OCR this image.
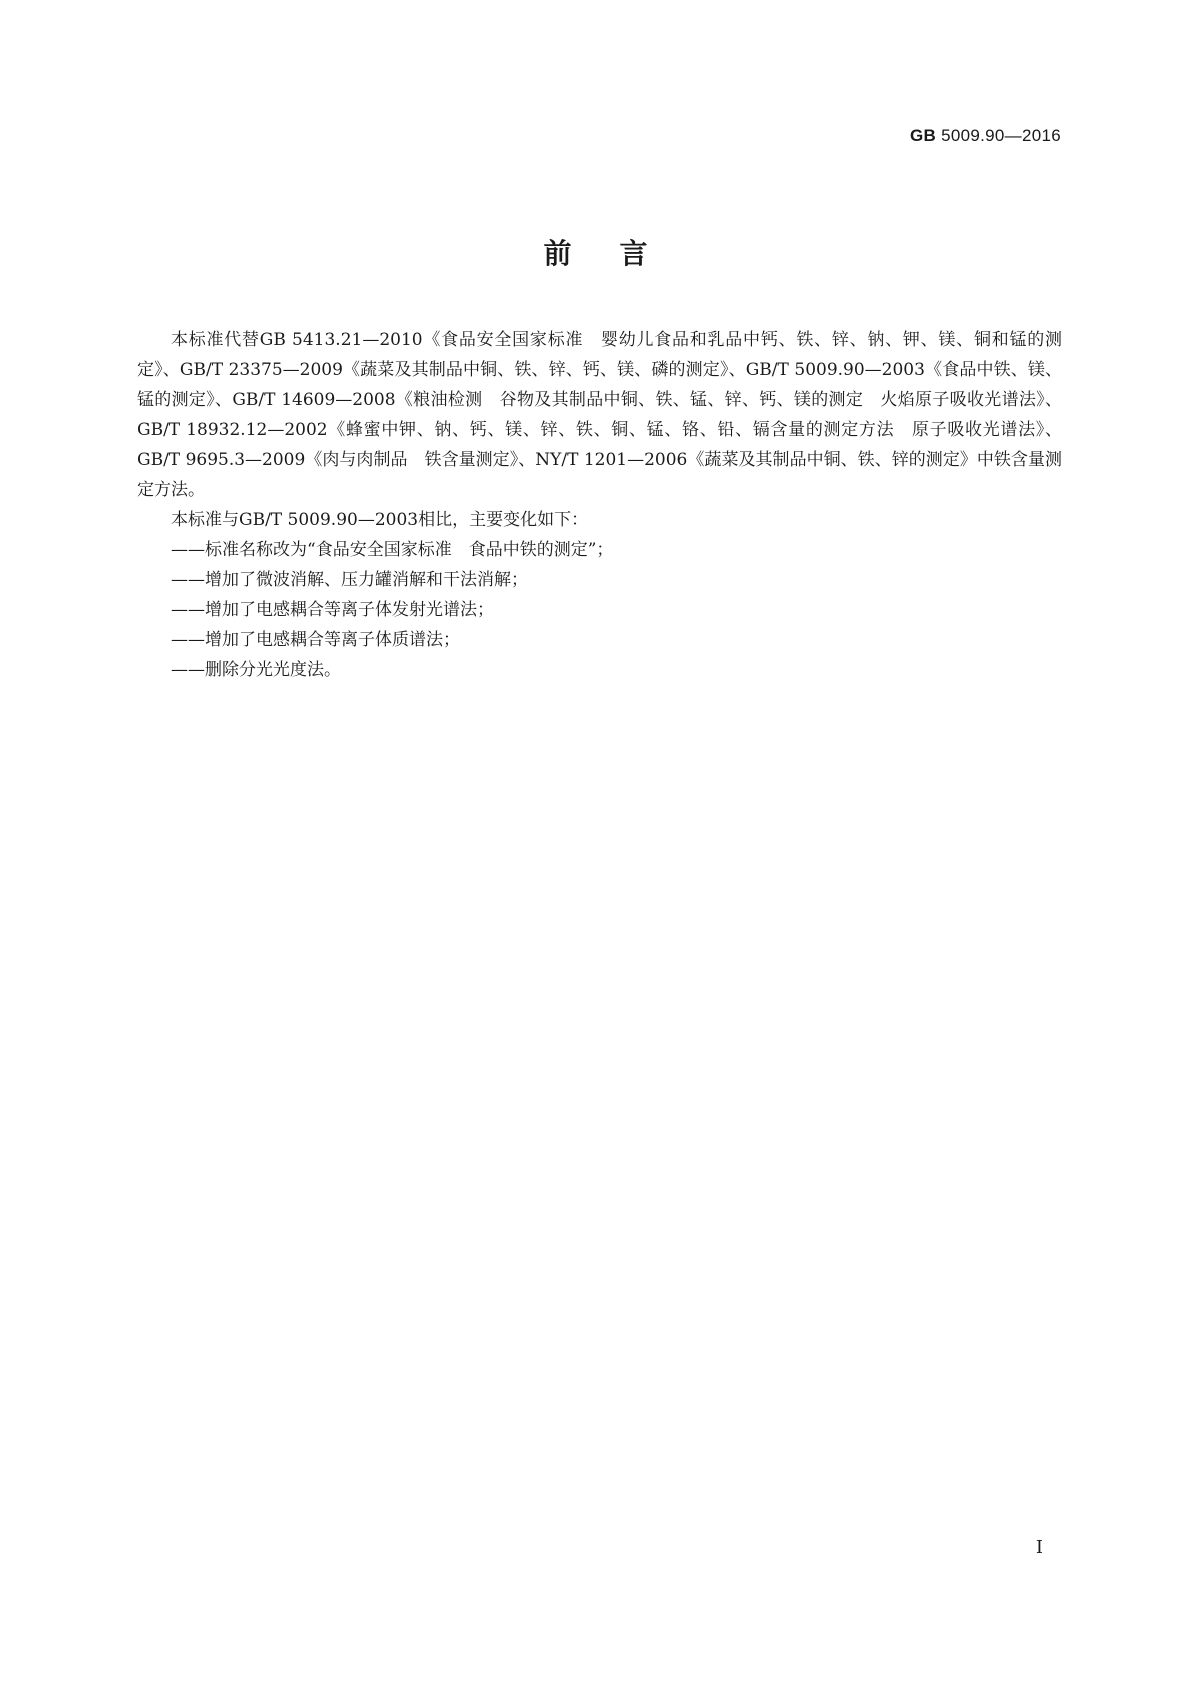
GB 5009.90—2016
前言

本标准代替GB 5413.21—2010《食品安全国家标准　婴幼儿食品和乳品中钙、铁、锌、钠、钾、镁、铜和锰的测定》、GB/T 23375—2009《蔬菜及其制品中铜、铁、锌、钙、镁、磷的测定》、GB/T 5009.90—2003《食品中铁、镁、锰的测定》、GB/T 14609—2008《粮油检测　谷物及其制品中铜、铁、锰、锌、钙、镁的测定　火焰原子吸收光谱法》、GB/T 18932.12—2002《蜂蜜中钾、钠、钙、镁、锌、铁、铜、锰、铬、铅、镉含量的测定方法　原子吸收光谱法》、GB/T 9695.3—2009《肉与肉制品　铁含量测定》、NY/T 1201—2006《蔬菜及其制品中铜、铁、锌的测定》中铁含量测定方法。

本标准与GB/T 5009.90—2003相比，主要变化如下：

——标准名称改为“食品安全国家标准　食品中铁的测定”；
——增加了微波消解、压力罐消解和干法消解；
——增加了电感耦合等离子体发射光谱法；
——增加了电感耦合等离子体质谱法；
——删除分光光度法。
I
